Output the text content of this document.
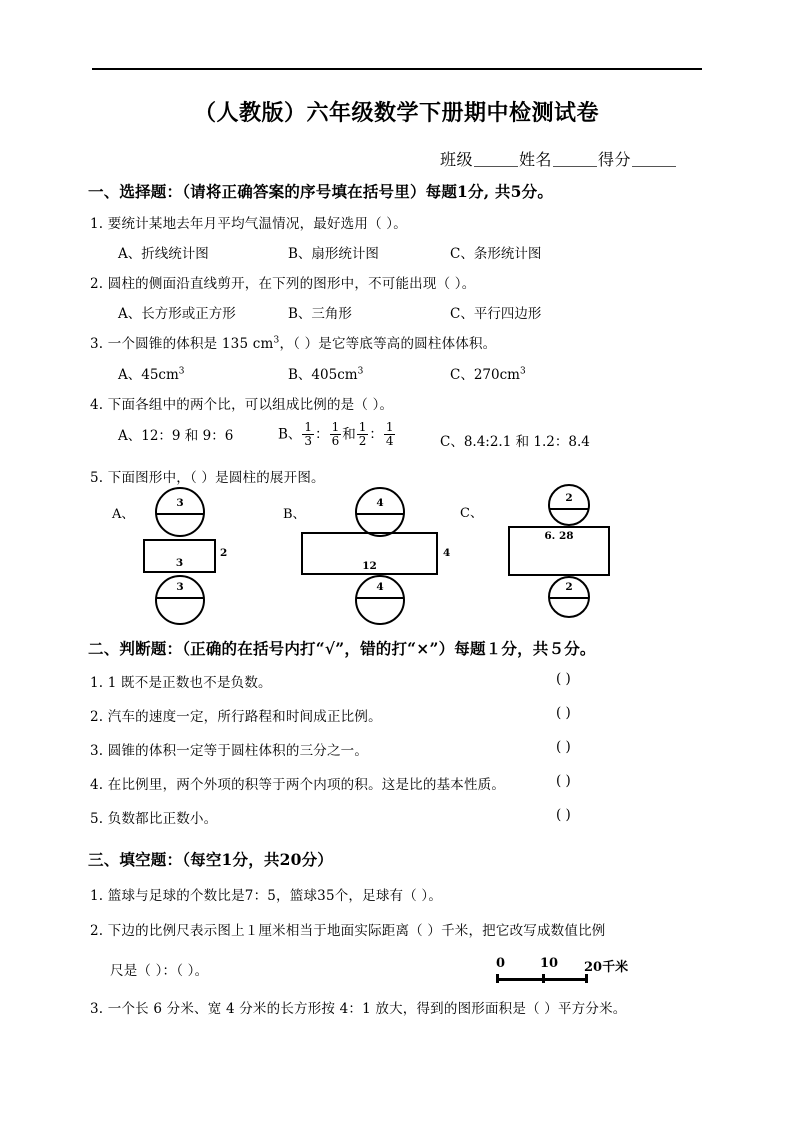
（人教版）六年级数学下册期中检测试卷
班级	姓名	得分
一、选择题：（请将正确答案的序号填在括号里）每题1分, 共5分。
1. 要统计某地去年月平均气温情况，最好选用（ ）。
A、折线统计图	B、扇形统计图	C、条形统计图
2. 圆柱的侧面沿直线剪开，在下列的图形中，不可能出现（ ）。
A、长方形或正方形	B、三角形	C、平行四边形
3. 一个圆锥的体积是 135 $cm^3$，（ ）是它等底等高的圆柱体体积。
A、$45cm^3$	B、$405cm^3$	C、$270cm^3$
4. 下面各组中的两个比，可以组成比例的是（ ）。
A、12：9 和 9：6	B、 $\frac{1}{3}$ ： $\frac{1}{6}$ 和 $\frac{1}{2}$ ： $\frac{1}{4}$	C、8.4:2.1 和 1.2：8.4
5. 下面图形中，（ ）是圆柱的展开图。
A、
3
3
2
3
B、
4
12
4
4
C、
2
6. 28
2
二、判断题：（正确的在括号内打“√”，错的打“×”）每题１分，共５分。
1. 1 既不是正数也不是负数。	( )
2. 汽车的速度一定，所行路程和时间成正比例。	( )
3. 圆锥的体积一定等于圆柱体积的三分之一。	( )
4. 在比例里，两个外项的积等于两个内项的积。这是比的基本性质。	( )
5. 负数都比正数小。	( )
三、填空题：（每空1分，共20分）
1. 篮球与足球的个数比是7：5，篮球35个，足球有（ ）。
2. 下边的比例尺表示图上１厘米相当于地面实际距离（ ）千米，把它改写成数值比例
尺是（ ）：（ ）。	0	10 20千米
3. 一个长 6 分米、宽 4 分米的长方形按 4：1 放大，得到的图形面积是（ ）平方分米。
